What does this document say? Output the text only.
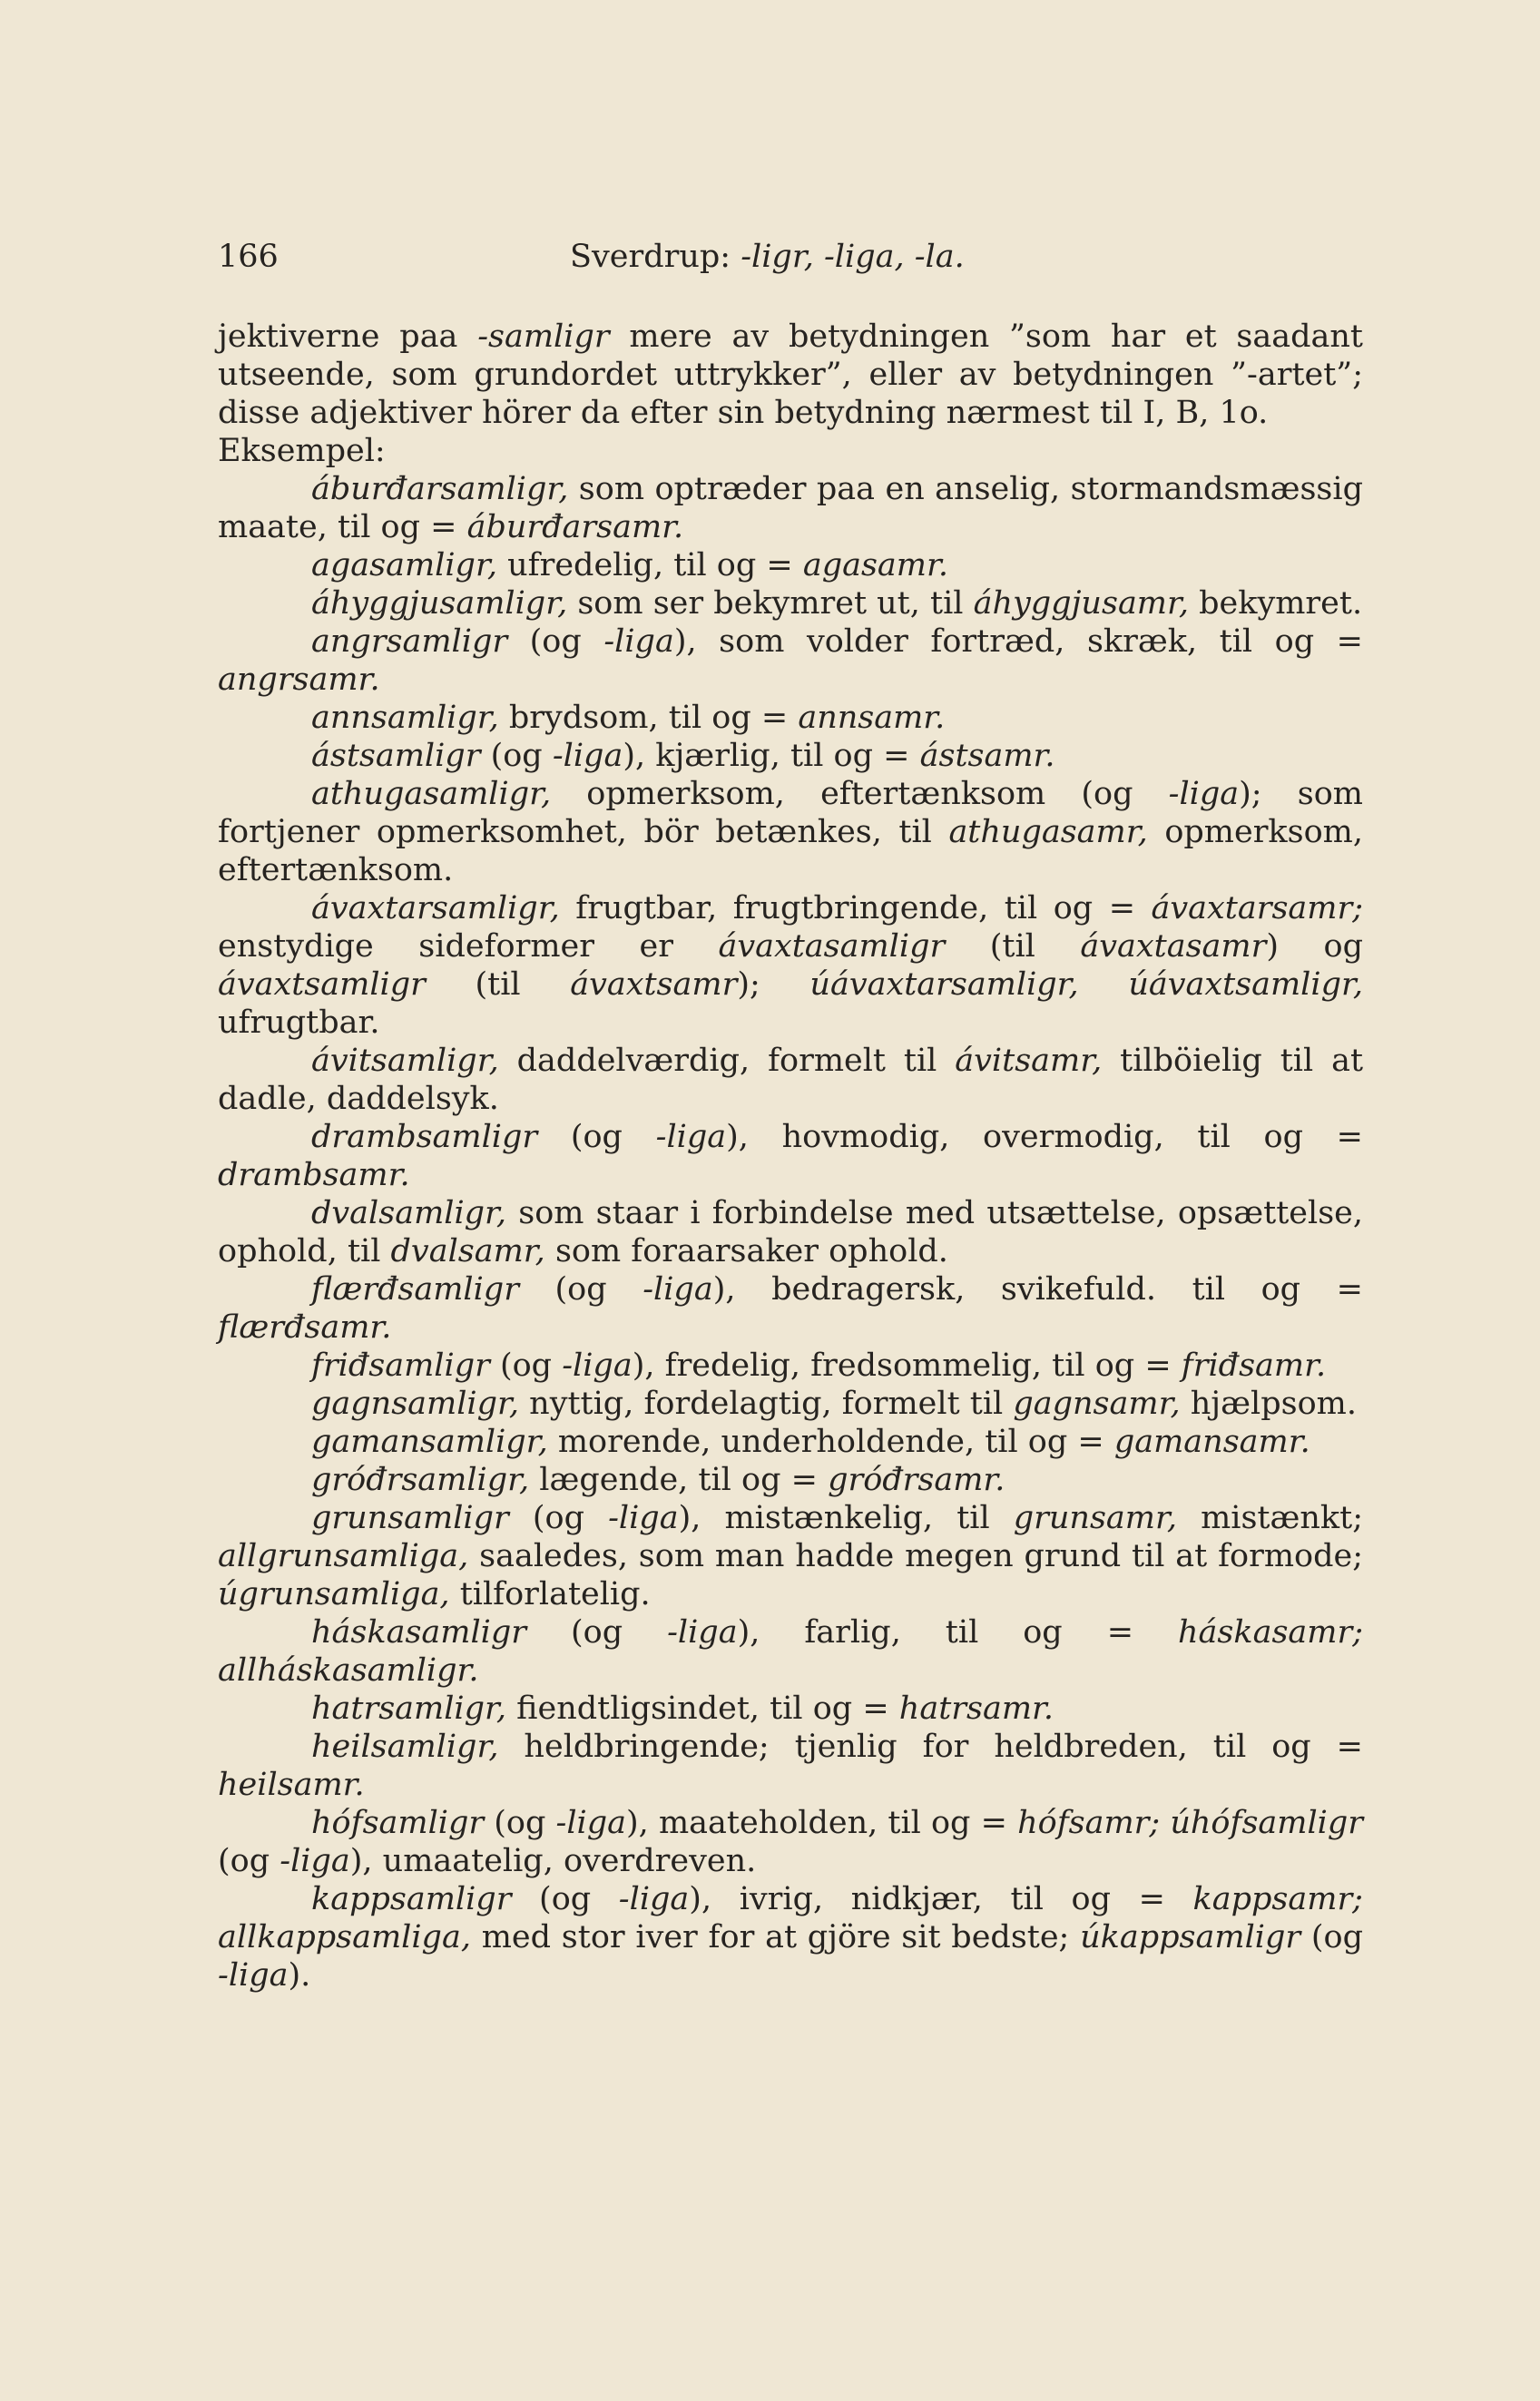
166	Sverdrup: -ligr, -liga, -la.

jektiverne paa -samligr mere av betydningen ”som har et saadant utseende, som grundordet uttrykker”, eller av betydningen ”-artet”; disse adjektiver hörer da efter sin betydning nærmest til I, B, 1o.

Eksempel:

áburđarsamligr, som optræder paa en anselig, stormandsmæssig maate, til og = áburđarsamr.

agasamligr, ufredelig, til og = agasamr.

áhyggjusamligr, som ser bekymret ut, til áhyggjusamr, bekymret.

angrsamligr (og -liga), som volder fortræd, skræk, til og = angrsamr.

annsamligr, brydsom, til og = annsamr.

ástsamligr (og -liga), kjærlig, til og = ástsamr.

athugasamligr, opmerksom, eftertænksom (og -liga); som fortjener opmerksomhet, bör betænkes, til athugasamr, opmerksom, eftertænksom.

ávaxtarsamligr, frugtbar, frugtbringende, til og = ávaxtarsamr; enstydige sideformer er ávaxtasamligr (til ávaxtasamr) og ávaxtsamligr (til ávaxtsamr); úávaxtarsamligr, úávaxtsamligr, ufrugtbar.

ávitsamligr, daddelværdig, formelt til ávitsamr, tilböielig til at dadle, daddelsyk.

drambsamligr (og -liga), hovmodig, overmodig, til og = drambsamr.

dvalsamligr, som staar i forbindelse med utsættelse, opsættelse, ophold, til dvalsamr, som foraarsaker ophold.

flærđsamligr (og -liga), bedragersk, svikefuld. til og = flærđsamr.

friđsamligr (og -liga), fredelig, fredsommelig, til og = friđsamr.

gagnsamligr, nyttig, fordelagtig, formelt til gagnsamr, hjælpsom.

gamansamligr, morende, underholdende, til og = gamansamr.

gróđrsamligr, lægende, til og = gróđrsamr.

grunsamligr (og -liga), mistænkelig, til grunsamr, mistænkt; allgrunsamliga, saaledes, som man hadde megen grund til at formode; úgrunsamliga, tilforlatelig.

háskasamligr (og -liga), farlig, til og = háskasamr; allháskasamligr.

hatrsamligr, fiendtligsindet, til og = hatrsamr.

heilsamligr, heldbringende; tjenlig for heldbreden, til og = heilsamr.

hófsamligr (og -liga), maateholden, til og = hófsamr; úhófsamligr (og -liga), umaatelig, overdreven.

kappsamligr (og -liga), ivrig, nidkjær, til og = kappsamr; allkappsamliga, med stor iver for at gjöre sit bedste; úkappsamligr (og -liga).
